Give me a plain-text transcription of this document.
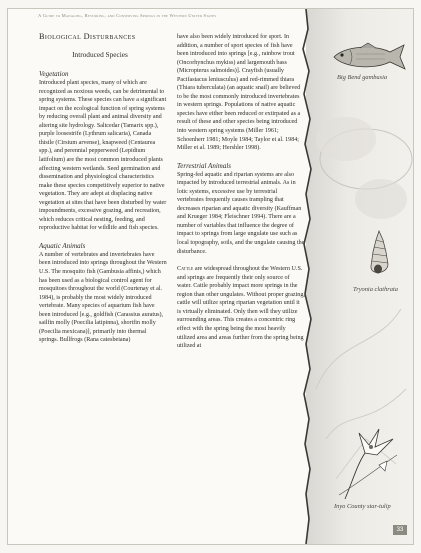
A Guide to Managing, Restoring, and Conserving Springs in the Western United States
Biological Disturbances
Introduced Species
Vegetation

Introduced plant species, many of which are recognized as noxious weeds, can be detrimental to spring systems. These species can have a significant impact on the ecological function of spring systems by reducing overall plant and animal diversity and altering site hydrology. Saltcedar (Tamarix spp.), purple loosestrife (Lythrum salicaria), Canada thistle (Cirsium arvense), knapweed (Centaurea spp.), and perennial pepperweed (Lepidium latifolium) are the most common introduced plants affecting western wetlands. Seed germination and dissemination and physiological characteristics make these species competitively superior to native vegetation. They are adept at displacing native vegetation at sites that have been disturbed by water impoundments, excessive grazing, and recreation, which reduces critical nesting, feeding, and reproductive habitat for wildlife and fish species.

Aquatic Animals

A number of vertebrates and invertebrates have been introduced into springs throughout the Western U.S. The mosquito fish (Gambusia affinis,) which has been used as a biological control agent for mosquitoes throughout the world (Courtenay et al. 1984), is probably the most widely introduced vertebrate. Many species of aquarium fish have been introduced [e.g., goldfish (Carassius auratus), sailfin molly (Poecilia latipinna), shortfin molly (Poecilia mexicana)], primarily into thermal springs. Bullfrogs (Rana catesbeiana)

have also been widely introduced for sport. In addition, a number of sport species of fish have been introduced into springs [e.g., rainbow trout (Oncorhynchus mykiss) and largemouth bass (Micropterus salmoides)]. Crayfish (usually Pacifastacus leniusculus) and red-rimmed thiara (Thiara tuberculata) (an aquatic snail) are believed to be the most commonly introduced invertebrates in western springs. Populations of native aquatic species have either been reduced or extirpated as a result of these and other species being introduced into western spring systems (Miller 1961; Schoenherr 1981; Moyle 1984; Taylor et al. 1984; Miller et al. 1989; Hershler 1998).

Terrestrial Animals

Spring-fed aquatic and riparian systems are also impacted by introduced terrestrial animals. As in lotic systems, excessive use by terrestrial vertebrates frequently causes trampling that decreases riparian and aquatic diversity (Kauffman and Krueger 1984; Fleischner 1994). There are a number of variables that influence the degree of impact to springs from large ungulate use such as local topography, soils, and the ungulate causing the disturbance.

Cattle are widespread throughout the Western U.S. and springs are frequently their only source of water. Cattle probably impact more springs in the region than other ungulates. Without proper grazing, cattle will utilize spring riparian vegetation until it is virtually eliminated. Only then will they utilize surrounding areas. This creates a concentric ring effect with the spring being the most heavily utilized area and areas further from the spring being utilized at

Big Bend gambusia
Tryonia clathrata
Inyo County star-tulip
33
